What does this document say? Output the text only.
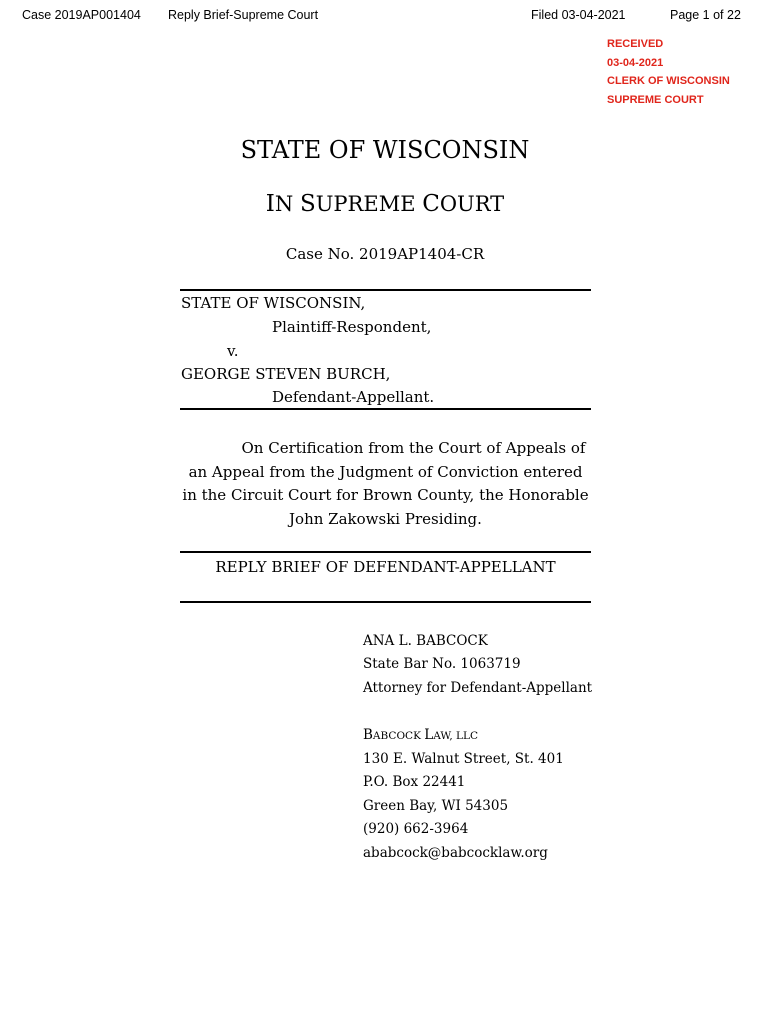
Case 2019AP001404 Reply Brief-Supreme Court	Filed 03-04-2021	Page 1 of 22
RECEIVED
03-04-2021
CLERK OF WISCONSIN
SUPREME COURT
STATE OF WISCONSIN
IN SUPREME COURT
Case No. 2019AP1404-CR
STATE OF WISCONSIN,
Plaintiff-Respondent,
v.
GEORGE STEVEN BURCH,
Defendant-Appellant.
On Certification from the Court of Appeals of
an Appeal from the Judgment of Conviction entered
in the Circuit Court for Brown County, the Honorable
John Zakowski Presiding.
REPLY BRIEF OF DEFENDANT-APPELLANT
ANA L. BABCOCK
State Bar No. 1063719
Attorney for Defendant-Appellant
BABCOCK LAW, LLC
130 E. Walnut Street, St. 401
P.O. Box 22441
Green Bay, WI 54305
(920) 662-3964
ababcock@babcocklaw.org
